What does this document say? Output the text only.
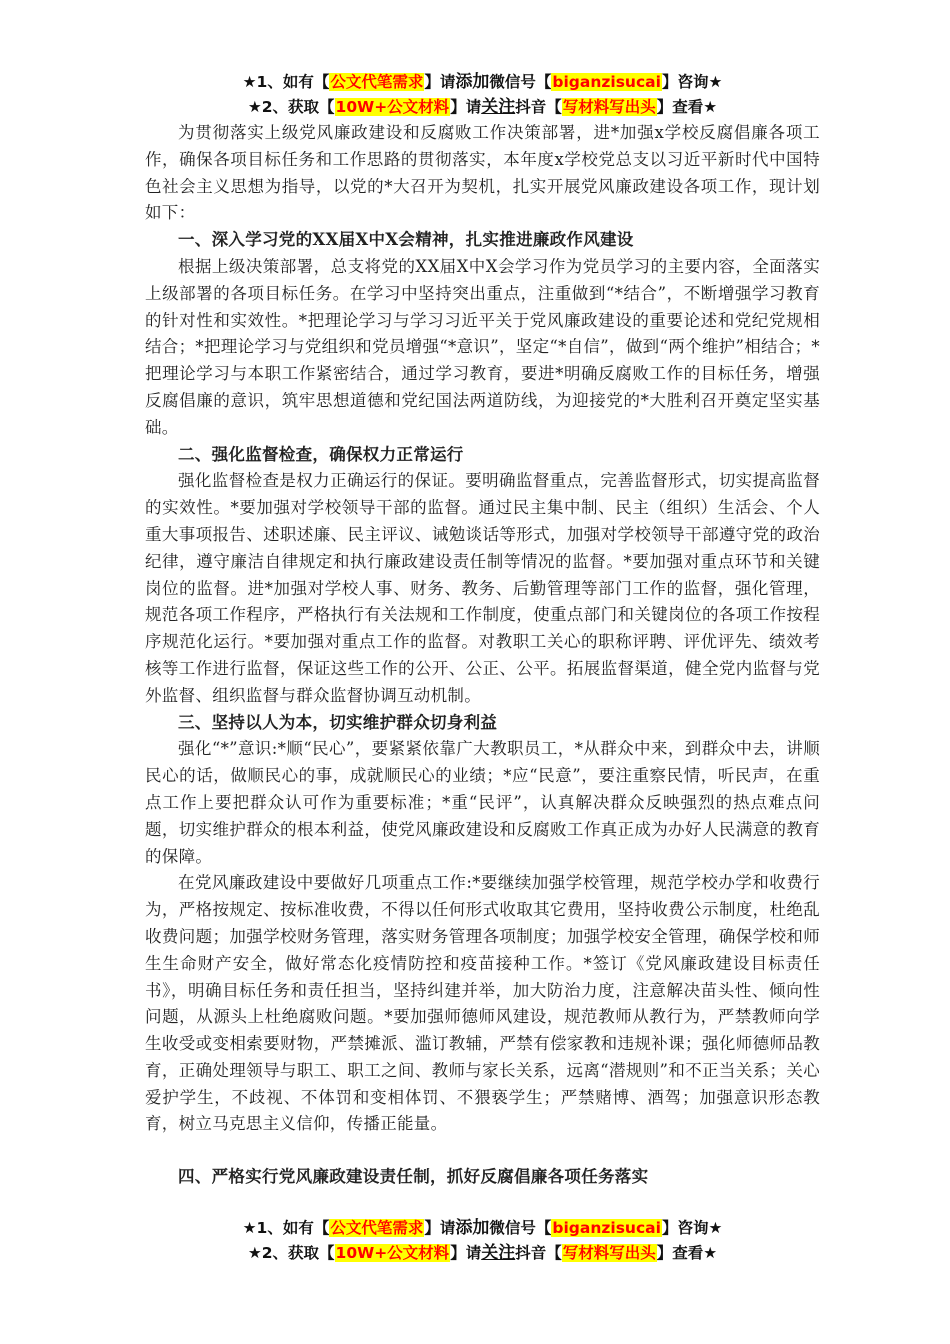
★1、如有【公文代笔需求】请添加微信号【biganzisucai】咨询★
★2、获取【10W+公文材料】请关注抖音【写材料写出头】查看★

为贯彻落实上级党风廉政建设和反腐败工作决策部署，进*加强x学校反腐倡廉各项工作，确保各项目标任务和工作思路的贯彻落实，本年度x学校党总支以习近平新时代中国特色社会主义思想为指导，以党的*大召开为契机，扎实开展党风廉政建设各项工作，现计划如下：

一、深入学习党的XX届X中X会精神，扎实推进廉政作风建设

根据上级决策部署，总支将党的XX届X中X会学习作为党员学习的主要内容，全面落实上级部署的各项目标任务。在学习中坚持突出重点，注重做到“*结合”，不断增强学习教育的针对性和实效性。*把理论学习与学习习近平关于党风廉政建设的重要论述和党纪党规相结合；*把理论学习与党组织和党员增强“*意识”，坚定“*自信”，做到“两个维护”相结合；*把理论学习与本职工作紧密结合，通过学习教育，要进*明确反腐败工作的目标任务，增强反腐倡廉的意识，筑牢思想道德和党纪国法两道防线，为迎接党的*大胜利召开奠定坚实基础。

二、强化监督检查，确保权力正常运行

强化监督检查是权力正确运行的保证。要明确监督重点，完善监督形式，切实提高监督的实效性。*要加强对学校领导干部的监督。通过民主集中制、民主（组织）生活会、个人重大事项报告、述职述廉、民主评议、诫勉谈话等形式，加强对学校领导干部遵守党的政治纪律，遵守廉洁自律规定和执行廉政建设责任制等情况的监督。*要加强对重点环节和关键岗位的监督。进*加强对学校人事、财务、教务、后勤管理等部门工作的监督，强化管理，规范各项工作程序，严格执行有关法规和工作制度，使重点部门和关键岗位的各项工作按程序规范化运行。*要加强对重点工作的监督。对教职工关心的职称评聘、评优评先、绩效考核等工作进行监督，保证这些工作的公开、公正、公平。拓展监督渠道，健全党内监督与党外监督、组织监督与群众监督协调互动机制。

三、坚持以人为本，切实维护群众切身利益

强化“*”意识:*顺“民心”，要紧紧依靠广大教职员工，*从群众中来，到群众中去，讲顺民心的话，做顺民心的事，成就顺民心的业绩；*应“民意”，要注重察民情，听民声，在重点工作上要把群众认可作为重要标准；*重“民评”，认真解决群众反映强烈的热点难点问题，切实维护群众的根本利益，使党风廉政建设和反腐败工作真正成为办好人民满意的教育的保障。

在党风廉政建设中要做好几项重点工作:*要继续加强学校管理，规范学校办学和收费行为，严格按规定、按标准收费，不得以任何形式收取其它费用，坚持收费公示制度，杜绝乱收费问题；加强学校财务管理，落实财务管理各项制度；加强学校安全管理，确保学校和师生生命财产安全，做好常态化疫情防控和疫苗接种工作。*签订《党风廉政建设目标责任书》，明确目标任务和责任担当，坚持纠建并举，加大防治力度，注意解决苗头性、倾向性问题，从源头上杜绝腐败问题。*要加强师德师风建设，规范教师从教行为，严禁教师向学生收受或变相索要财物，严禁摊派、滥订教辅，严禁有偿家教和违规补课；强化师德师品教育，正确处理领导与职工、职工之间、教师与家长关系，远离“潜规则”和不正当关系；关心爱护学生，不歧视、不体罚和变相体罚、不猥亵学生；严禁赌博、酒驾；加强意识形态教育，树立马克思主义信仰，传播正能量。

四、严格实行党风廉政建设责任制，抓好反腐倡廉各项任务落实
★1、如有【公文代笔需求】请添加微信号【biganzisucai】咨询★
★2、获取【10W+公文材料】请关注抖音【写材料写出头】查看★
